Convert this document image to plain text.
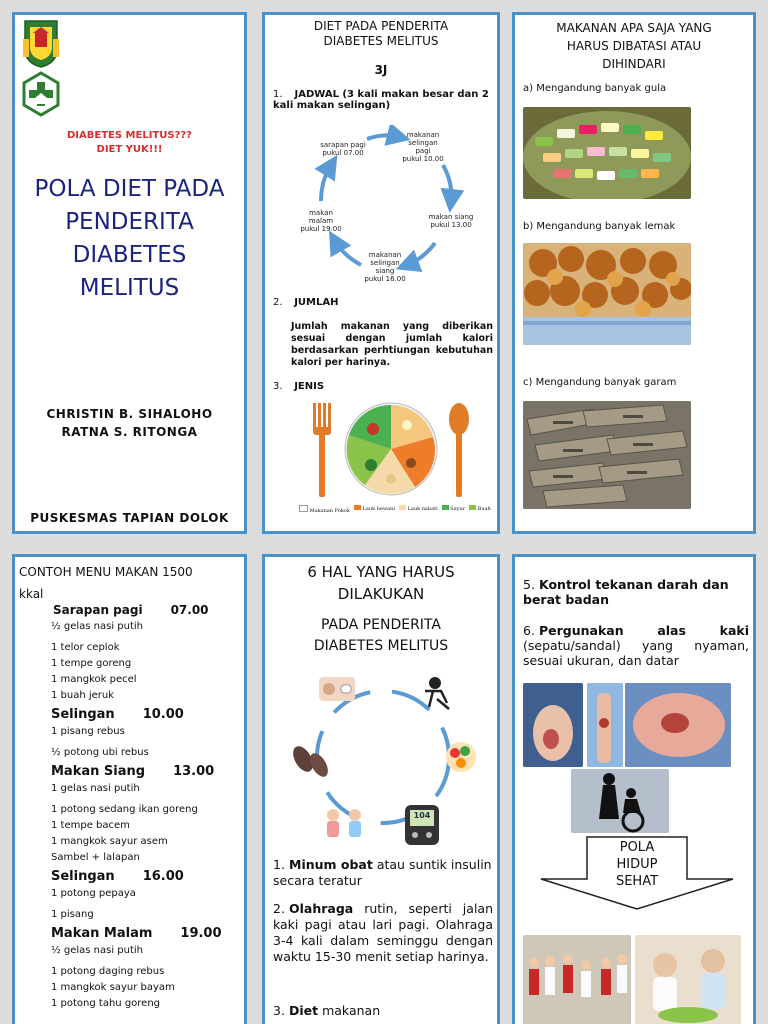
DIABETES MELITUS???
DIET YUK!!!
POLA DIET PADA
PENDERITA
DIABETES
MELITUS
CHRISTIN B. SIHALOHO
RATNA S. RITONGA
PUSKESMAS TAPIAN DOLOK
DIET PADA PENDERITA
DIABETES MELITUS
3J
1. JADWAL (3 kali makan besar dan 2 kali makan selingan)
sarapan pagi
pukul 07.00
makanan
selingan
pagi
pukul 10.00
makan siang
pukul 13.00
makanan
selingan
siang
pukul 16.00
makan
malam
pukul 19.00
2. JUMLAH
Jumlah makanan yang diberikan sesuai dengan jumlah kalori berdasarkan perhtiungan kebutuhan kalori per harinya.
3. JENIS
Makanan Pokok	Lauk hewani	Lauk nabati	Sayur	Buah
MAKANAN APA SAJA YANG
HARUS DIBATASI ATAU
DIHINDARI
a) Mengandung banyak gula
b) Mengandung banyak lemak
c) Mengandung banyak garam
CONTOH MENU MAKAN 1500
kkal
Sarapan pagi 07.00
½ gelas nasi putih
1 telor ceplok
1 tempe goreng
1 mangkok pecel
1 buah jeruk
Selingan 10.00
1 pisang rebus
½ potong ubi rebus
Makan Siang 13.00
1 gelas nasi putih
1 potong sedang ikan goreng
1 tempe bacem
1 mangkok sayur asem
Sambel + lalapan
Selingan 16.00
1 potong pepaya
1 pisang
Makan Malam 19.00
½ gelas nasi putih
1 potong daging rebus
1 mangkok sayur bayam
1 potong tahu goreng
6 HAL YANG HARUS
DILAKUKAN
PADA PENDERITA
DIABETES MELITUS
104
1. Minum obat atau suntik insulin secara teratur
2. Olahraga rutin, seperti jalan kaki pagi atau lari pagi. Olahraga 3-4 kali dalam seminggu dengan waktu 15-30 menit setiap harinya.
3. Diet makanan
5. Kontrol tekanan darah dan berat badan
6. Pergunakan alas kaki (sepatu/sandal) yang nyaman, sesuai ukuran, dan datar
POLA
HIDUP
SEHAT
